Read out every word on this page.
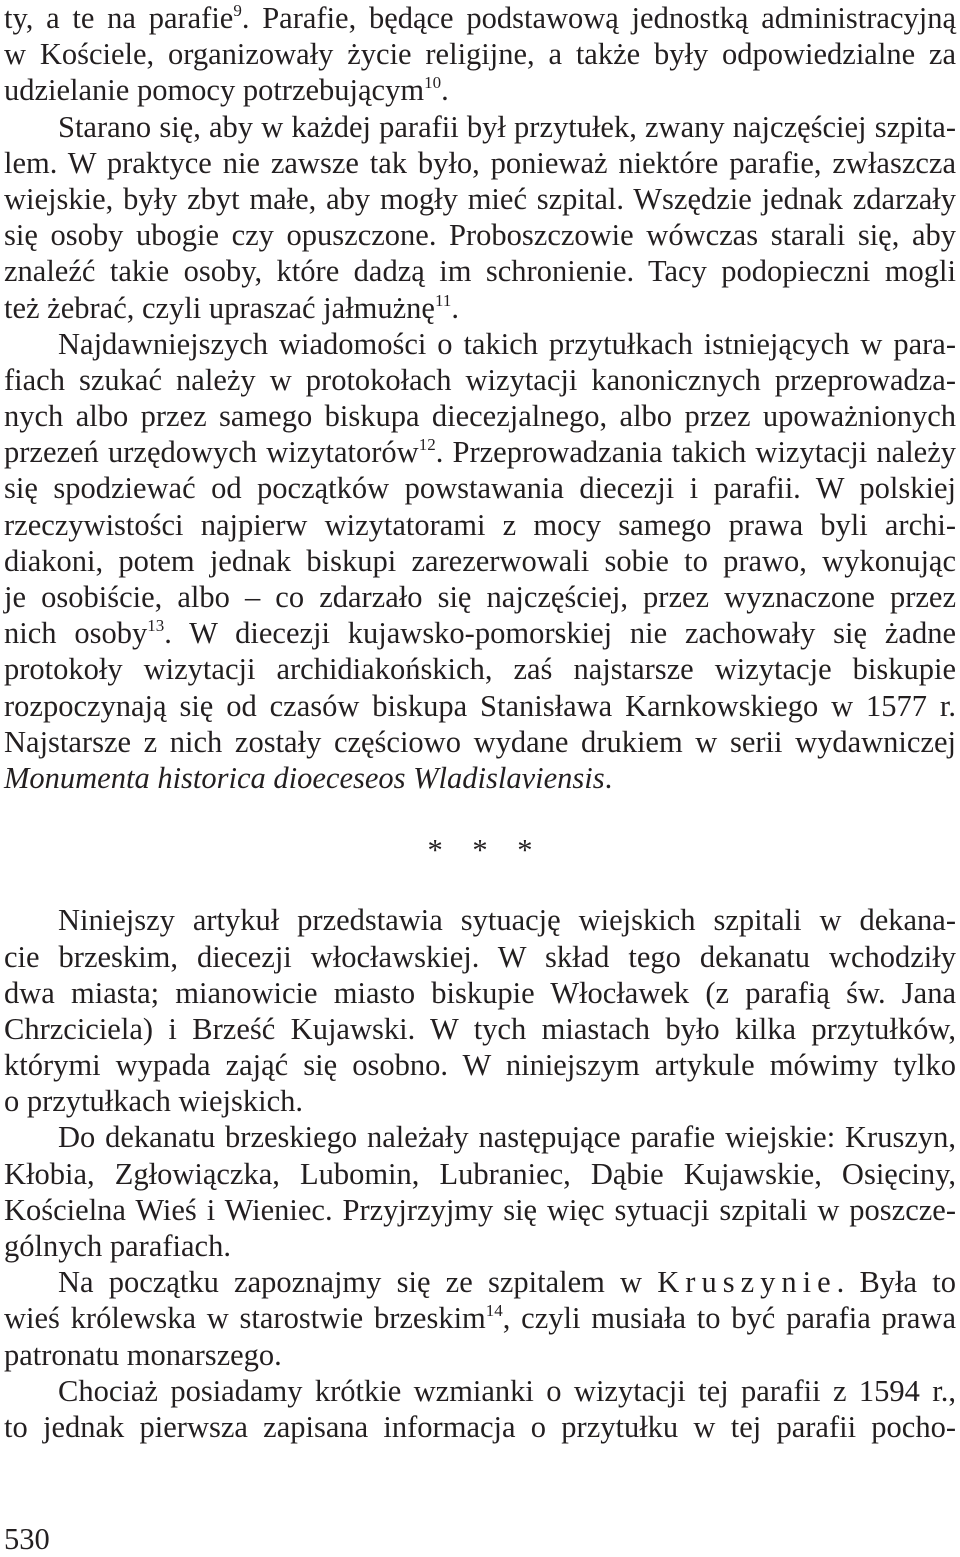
ty, a te na parafie$^9$. Parafie, będące podstawową jednostką administracyjną
w Kościele, organizowały życie religijne, a także były odpowiedzialne za
udzielanie pomocy potrzebującym$^{10}$.
Starano się, aby w każdej parafii był przytułek, zwany najczęściej szpita-
lem. W praktyce nie zawsze tak było, ponieważ niektóre parafie, zwłaszcza
wiejskie, były zbyt małe, aby mogły mieć szpital. Wszędzie jednak zdarzały
się osoby ubogie czy opuszczone. Proboszczowie wówczas starali się, aby
znaleźć takie osoby, które dadzą im schronienie. Tacy podopieczni mogli
też żebrać, czyli upraszać jałmużnę$^{11}$.
Najdawniejszych wiadomości o takich przytułkach istniejących w para-
fiach szukać należy w protokołach wizytacji kanonicznych przeprowadza-
nych albo przez samego biskupa diecezjalnego, albo przez upoważnionych
przezeń urzędowych wizytatorów$^{12}$. Przeprowadzania takich wizytacji należy
się spodziewać od początków powstawania diecezji i parafii. W polskiej
rzeczywistości najpierw wizytatorami z mocy samego prawa byli archi-
diakoni, potem jednak biskupi zarezerwowali sobie to prawo, wykonując
je osobiście, albo – co zdarzało się najczęściej, przez wyznaczone przez
nich osoby$^{13}$. W diecezji kujawsko-pomorskiej nie zachowały się żadne
protokoły wizytacji archidiakońskich, zaś najstarsze wizytacje biskupie
rozpoczynają się od czasów biskupa Stanisława Karnkowskiego w 1577 r.
Najstarsze z nich zostały częściowo wydane drukiem w serii wydawniczej
Monumenta historica dioeceseos Wladislaviensis.
* * *
Niniejszy artykuł przedstawia sytuację wiejskich szpitali w dekana-
cie brzeskim, diecezji włocławskiej. W skład tego dekanatu wchodziły
dwa miasta; mianowicie miasto biskupie Włocławek (z parafią św. Jana
Chrzciciela) i Brześć Kujawski. W tych miastach było kilka przytułków,
którymi wypada zająć się osobno. W niniejszym artykule mówimy tylko
o przytułkach wiejskich.
Do dekanatu brzeskiego należały następujące parafie wiejskie: Kruszyn,
Kłobia, Zgłowiączka, Lubomin, Lubraniec, Dąbie Kujawskie, Osięciny,
Kościelna Wieś i Wieniec. Przyjrzyjmy się więc sytuacji szpitali w poszcze-
gólnych parafiach.
Na początku zapoznajmy się ze szpitalem w Kruszynie. Była to
wieś królewska w starostwie brzeskim$^{14}$, czyli musiała to być parafia prawa
patronatu monarszego.
Chociaż posiadamy krótkie wzmianki o wizytacji tej parafii z 1594 r.,
to jednak pierwsza zapisana informacja o przytułku w tej parafii pocho-
530
